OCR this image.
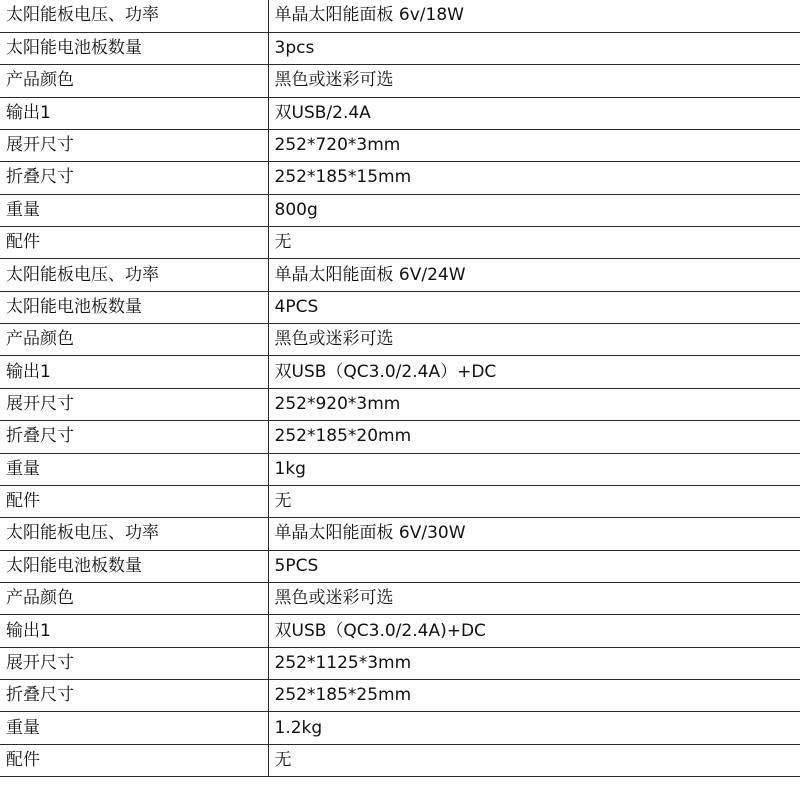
太阳能板电压、功率	单晶太阳能面板 6v/18W
太阳能电池板数量	3pcs
产品颜色	黑色或迷彩可选
输出1	双USB/2.4A
展开尺寸	252*720*3mm
折叠尺寸	252*185*15mm
重量	800g
配件	无
太阳能板电压、功率	单晶太阳能面板 6V/24W
太阳能电池板数量	4PCS
产品颜色	黑色或迷彩可选
输出1	双USB（QC3.0/2.4A）+DC
展开尺寸	252*920*3mm
折叠尺寸	252*185*20mm
重量	1kg
配件	无
太阳能板电压、功率	单晶太阳能面板 6V/30W
太阳能电池板数量	5PCS
产品颜色	黑色或迷彩可选
输出1	双USB（QC3.0/2.4A)+DC
展开尺寸	252*1125*3mm
折叠尺寸	252*185*25mm
重量	1.2kg
配件	无
